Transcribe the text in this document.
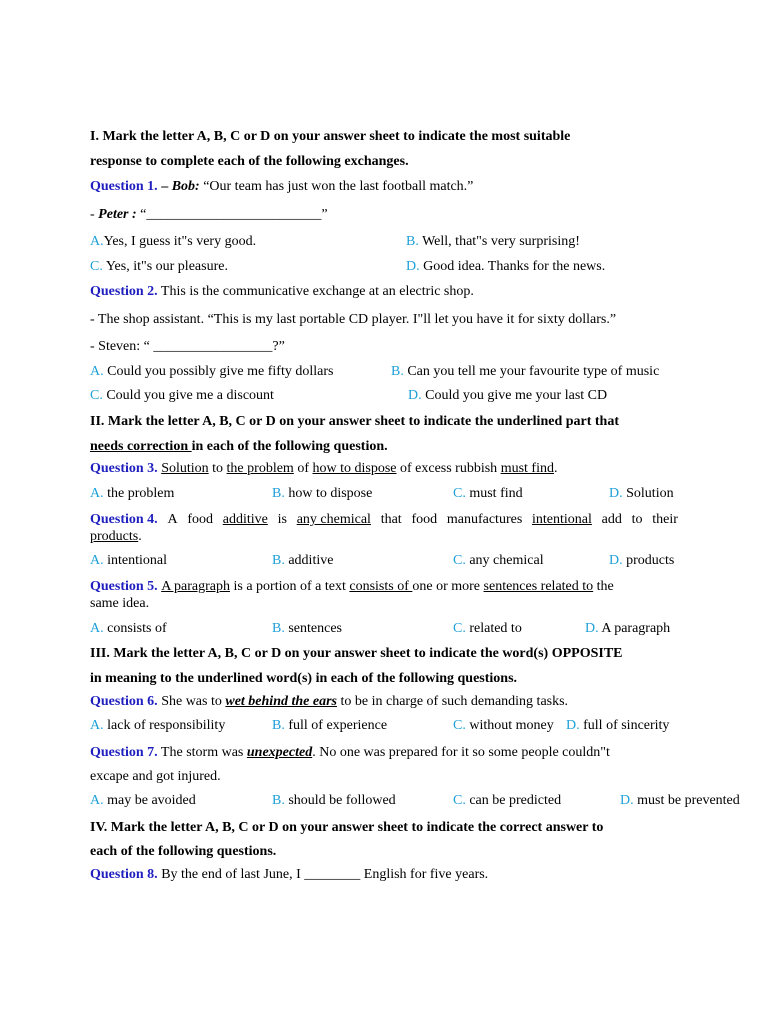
I. Mark the letter A, B, C or D on your answer sheet to indicate the most suitable
response to complete each of the following exchanges.
Question 1. – Bob: “Our team has just won the last football match.”
- Peter : “_________________________”
A.Yes, I guess it"s very good.	B. Well, that"s very surprising!
C. Yes, it"s our pleasure.	D. Good idea. Thanks for the news.
Question 2. This is the communicative exchange at an electric shop.
- The shop assistant. “This is my last portable CD player. I"ll let you have it for sixty dollars.”
- Steven: “ _________________?”
A. Could you possibly give me fifty dollars	B. Can you tell me your favourite type of music
C. Could you give me a discount	D. Could you give me your last CD
II. Mark the letter A, B, C or D on your answer sheet to indicate the underlined part that
needs correction in each of the following question.
Question 3. Solution to the problem of how to dispose of excess rubbish must find.
A. the problem	B. how to dispose	C. must find	D. Solution
Question 4. A food additive is any chemical that food manufactures intentional add to their
products.
A. intentional	B. additive	C. any chemical	D. products
Question 5. A paragraph is a portion of a text consists of one or more sentences related to the
same idea.
A. consists of	B. sentences	C. related to	D. A paragraph
III. Mark the letter A, B, C or D on your answer sheet to indicate the word(s) OPPOSITE
in meaning to the underlined word(s) in each of the following questions.
Question 6. She was to wet behind the ears to be in charge of such demanding tasks.
A. lack of responsibility	B. full of experience	C. without money D. full of sincerity
Question 7. The storm was unexpected. No one was prepared for it so some people couldn"t
excape and got injured.
A. may be avoided	B. should be followed	C. can be predicted	D. must be prevented
IV. Mark the letter A, B, C or D on your answer sheet to indicate the correct answer to
each of the following questions.
Question 8. By the end of last June, I ________ English for five years.
